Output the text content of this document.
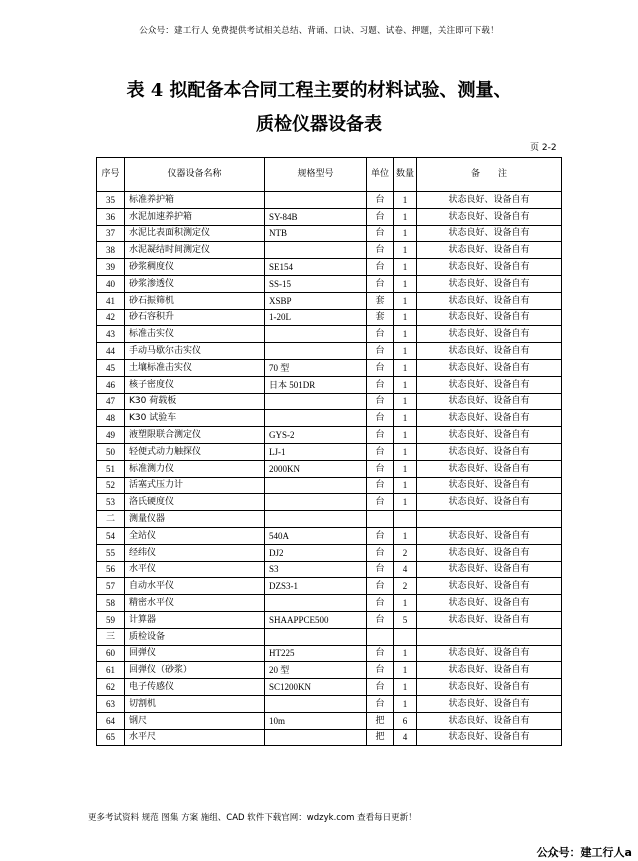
公众号：建工行人 免费提供考试相关总结、背诵、口诀、习题、试卷、押题，关注即可下载！
表 4 拟配备本合同工程主要的材料试验、测量、
质检仪器设备表
页 2-2
序号	仪器设备名称	规格型号	单位	数量	备　　注
35	标准养护箱		台	1	状态良好、设备自有
36	水泥加速养护箱	SY-84B	台	1	状态良好、设备自有
37	水泥比表面积测定仪	NTB	台	1	状态良好、设备自有
38	水泥凝结时间测定仪		台	1	状态良好、设备自有
39	砂浆稠度仪	SE154	台	1	状态良好、设备自有
40	砂浆渗透仪	SS-15	台	1	状态良好、设备自有
41	砂石振筛机	XSBP	套	1	状态良好、设备自有
42	砂石容积升	1-20L	套	1	状态良好、设备自有
43	标准击实仪		台	1	状态良好、设备自有
44	手动马歇尔击实仪		台	1	状态良好、设备自有
45	土壤标准击实仪	70 型	台	1	状态良好、设备自有
46	核子密度仪	日本 501DR	台	1	状态良好、设备自有
47	K30 荷载板		台	1	状态良好、设备自有
48	K30 试验车		台	1	状态良好、设备自有
49	液塑限联合测定仪	GYS-2	台	1	状态良好、设备自有
50	轻便式动力触探仪	LJ-1	台	1	状态良好、设备自有
51	标准测力仪	2000KN	台	1	状态良好、设备自有
52	活塞式压力计		台	1	状态良好、设备自有
53	洛氏硬度仪		台	1	状态良好、设备自有
二	测量仪器				
54	全站仪	540A	台	1	状态良好、设备自有
55	经纬仪	DJ2	台	2	状态良好、设备自有
56	水平仪	S3	台	4	状态良好、设备自有
57	自动水平仪	DZS3-1	台	2	状态良好、设备自有
58	精密水平仪		台	1	状态良好、设备自有
59	计算器	SHAAPPCE500	台	5	状态良好、设备自有
三	质检设备				
60	回弹仪	HT225	台	1	状态良好、设备自有
61	回弹仪（砂浆）	20 型	台	1	状态良好、设备自有
62	电子传感仪	SC1200KN	台	1	状态良好、设备自有
63	切割机		台	1	状态良好、设备自有
64	钢尺	10m	把	6	状态良好、设备自有
65	水平尺		把	4	状态良好、设备自有
更多考试资料 规范 图集 方案 施组、CAD 软件下载官网：wdzyk.com 查看每日更新！
公众号：建工行人a
